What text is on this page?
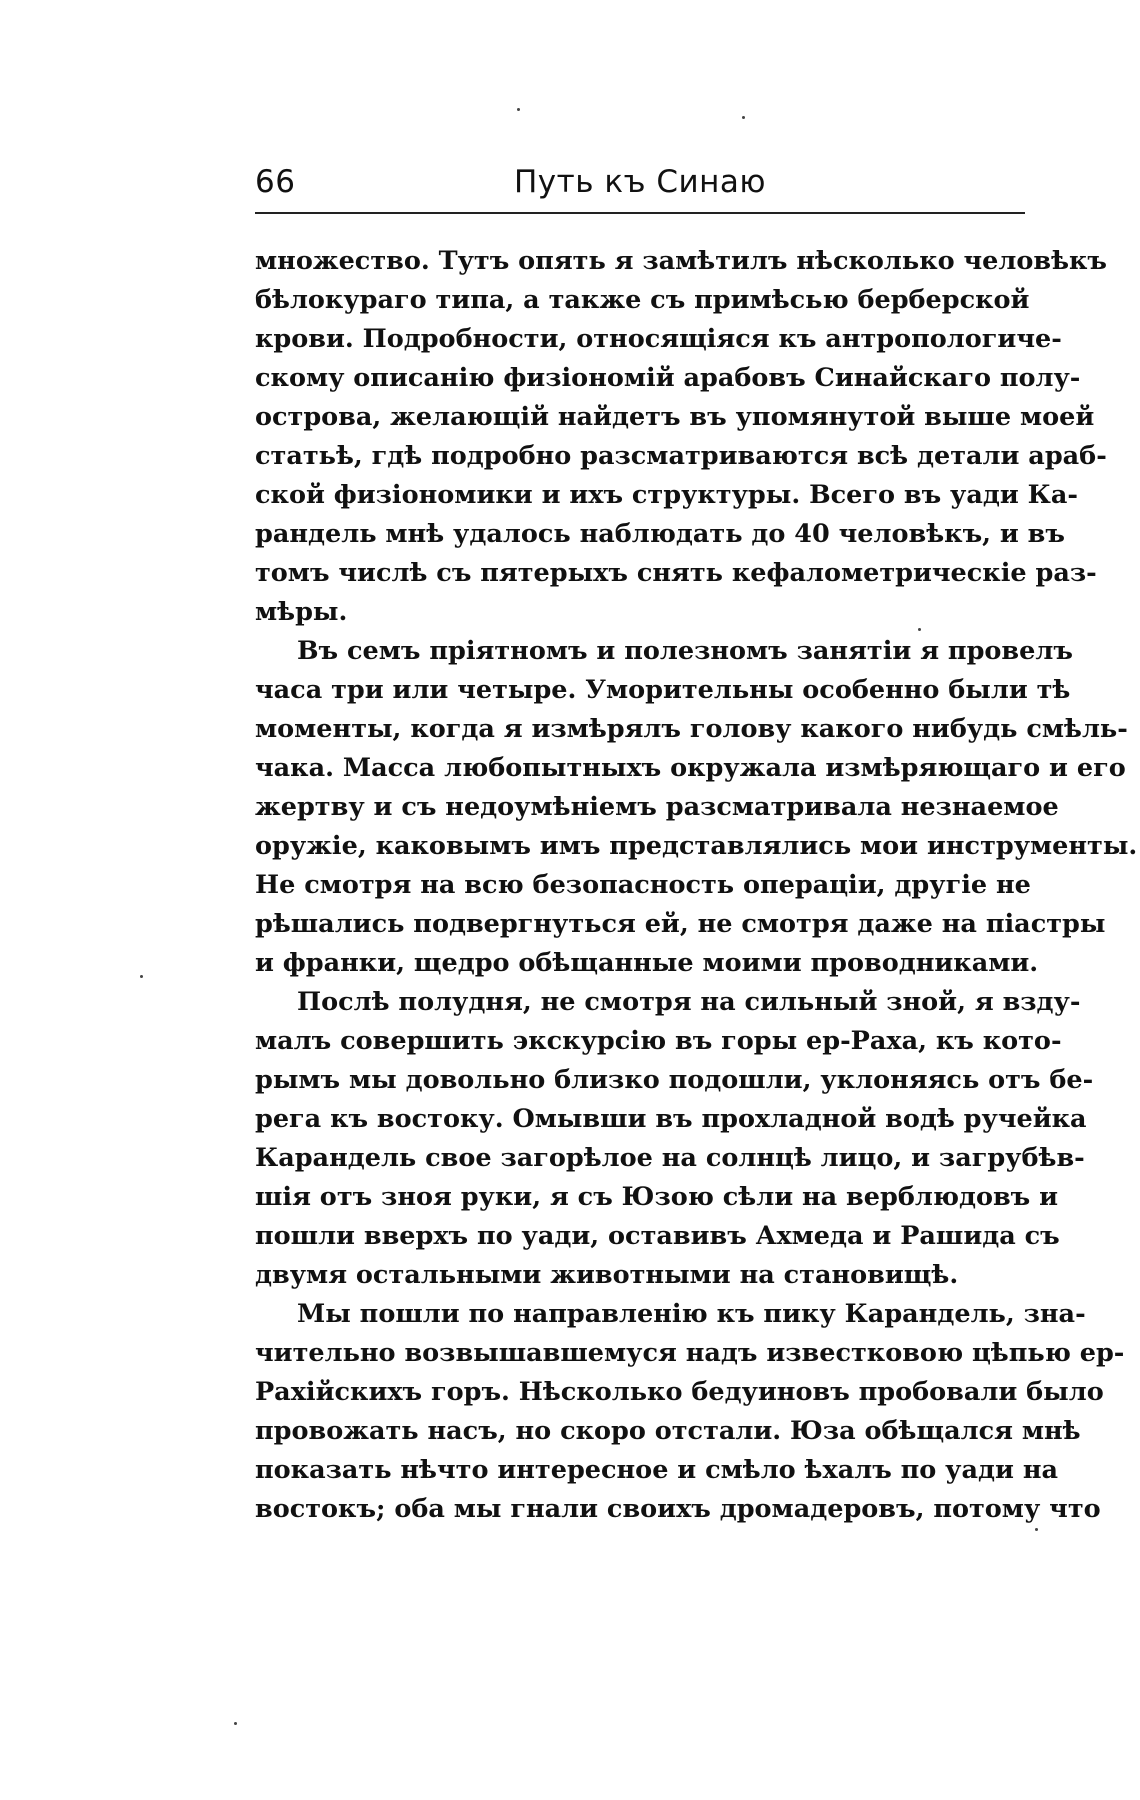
66	Путь къ Синаю

множество. Тутъ опять я замѣтилъ нѣсколько человѣкъ
бѣлокураго типа, а также съ примѣсью берберской
крови. Подробности, относящіяся къ антропологиче-
скому описанію физіономій арабовъ Синайскаго полу-
острова, желающій найдетъ въ упомянутой выше моей
статьѣ, гдѣ подробно разсматриваются всѣ детали араб-
ской физіономики и ихъ структуры. Всего въ уади Ка-
рандель мнѣ удалось наблюдать до 40 человѣкъ, и въ
томъ числѣ съ пятерыхъ снять кефалометрическіе раз-
мѣры.

Въ семъ пріятномъ и полезномъ занятіи я провелъ
часа три или четыре. Уморительны особенно были тѣ
моменты, когда я измѣрялъ голову какого нибудь смѣль-
чака. Масса любопытныхъ окружала измѣряющаго и его
жертву и съ недоумѣніемъ разсматривала незнаемое
оружіе, каковымъ имъ представлялись мои инструменты.
Не смотря на всю безопасность операціи, другіе не
рѣшались подвергнуться ей, не смотря даже на піастры
и франки, щедро обѣщанные моими проводниками.

Послѣ полудня, не смотря на сильный зной, я взду-
малъ совершить экскурсію въ горы ер-Раха, къ кото-
рымъ мы довольно близко подошли, уклоняясь отъ бе-
рега къ востоку. Омывши въ прохладной водѣ ручейка
Карандель свое загорѣлое на солнцѣ лицо, и загрубѣв-
шія отъ зноя руки, я съ Юзою сѣли на верблюдовъ и
пошли вверхъ по уади, оставивъ Ахмеда и Рашида съ
двумя остальными животными на становищѣ.

Мы пошли по направленію къ пику Карандель, зна-
чительно возвышавшемуся надъ известковою цѣпью ер-
Рахійскихъ горъ. Нѣсколько бедуиновъ пробовали было
провожать насъ, но скоро отстали. Юза обѣщался мнѣ
показать нѣчто интересное и смѣло ѣхалъ по уади на
востокъ; оба мы гнали своихъ дромадеровъ, потому что
